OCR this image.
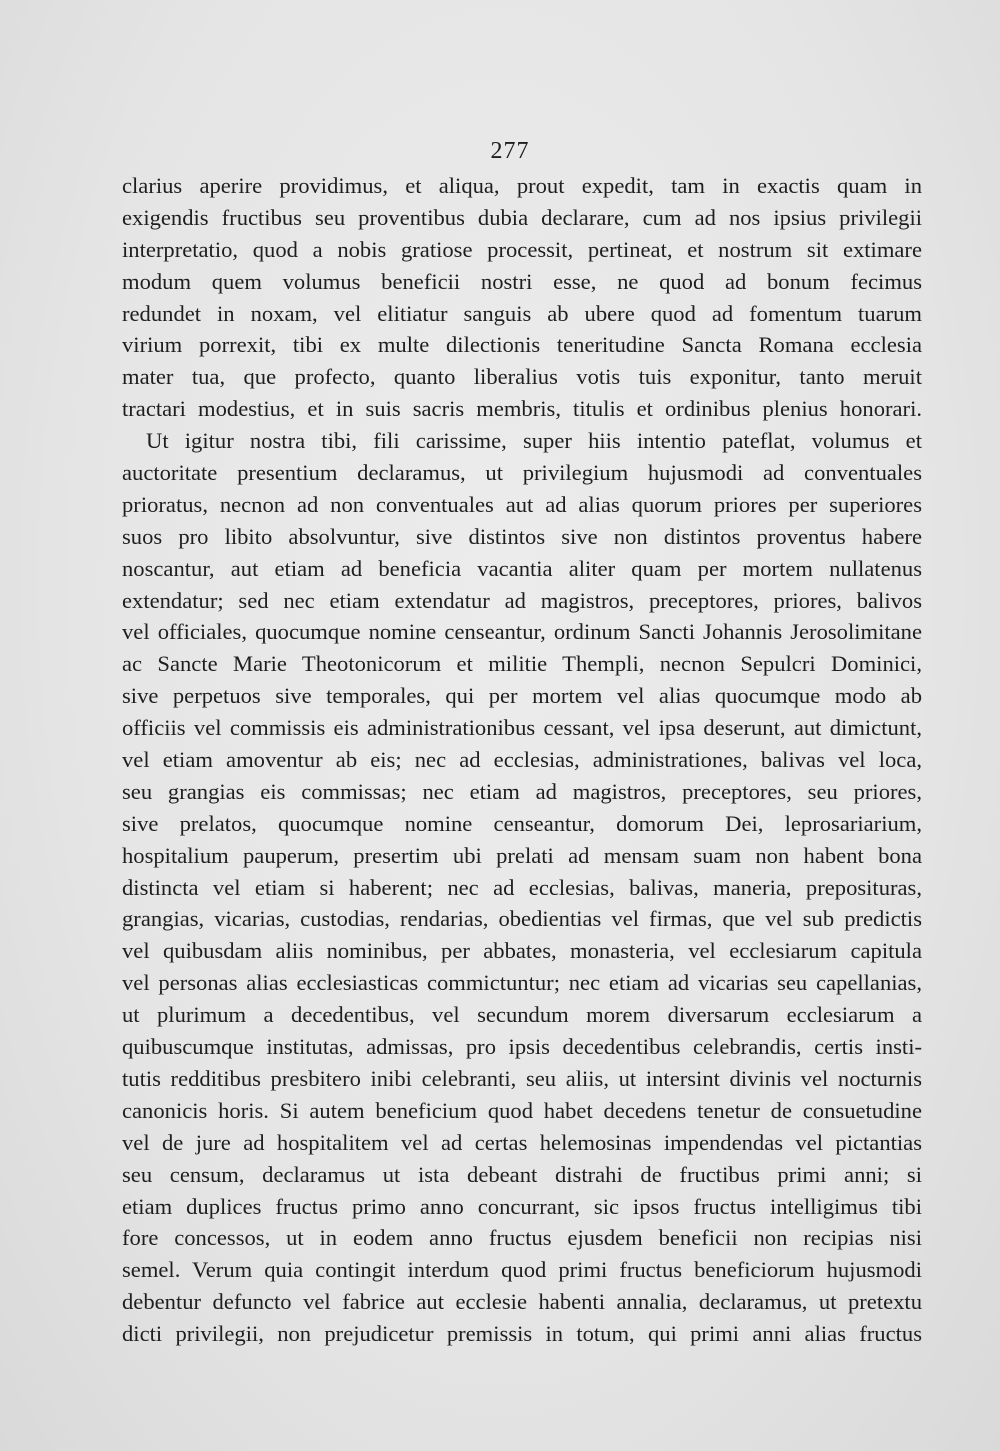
277
clarius aperire providimus, et aliqua, prout expedit, tam in exactis quam in
exigendis fructibus seu proventibus dubia declarare, cum ad nos ipsius privilegii
interpretatio, quod a nobis gratiose processit, pertineat, et nostrum sit extimare
modum quem volumus beneficii nostri esse, ne quod ad bonum fecimus
redundet in noxam, vel elitiatur sanguis ab ubere quod ad fomentum tuarum
virium porrexit, tibi ex multe dilectionis teneritudine Sancta Romana ecclesia
mater tua, que profecto, quanto liberalius votis tuis exponitur, tanto meruit
tractari modestius, et in suis sacris membris, titulis et ordinibus plenius honorari.
Ut igitur nostra tibi, fili carissime, super hiis intentio pateflat, volumus et
auctoritate presentium declaramus, ut privilegium hujusmodi ad conventuales
prioratus, necnon ad non conventuales aut ad alias quorum priores per superiores
suos pro libito absolvuntur, sive distintos sive non distintos proventus habere
noscantur, aut etiam ad beneficia vacantia aliter quam per mortem nullatenus
extendatur; sed nec etiam extendatur ad magistros, preceptores, priores, balivos
vel officiales, quocumque nomine censeantur, ordinum Sancti Johannis Jerosolimitane
ac Sancte Marie Theotonicorum et militie Thempli, necnon Sepulcri Dominici,
sive perpetuos sive temporales, qui per mortem vel alias quocumque modo ab
officiis vel commissis eis administrationibus cessant, vel ipsa deserunt, aut dimictunt,
vel etiam amoventur ab eis; nec ad ecclesias, administrationes, balivas vel loca,
seu grangias eis commissas; nec etiam ad magistros, preceptores, seu priores,
sive prelatos, quocumque nomine censeantur, domorum Dei, leprosariarium,
hospitalium pauperum, presertim ubi prelati ad mensam suam non habent bona
distincta vel etiam si haberent; nec ad ecclesias, balivas, maneria, preposituras,
grangias, vicarias, custodias, rendarias, obedientias vel firmas, que vel sub predictis
vel quibusdam aliis nominibus, per abbates, monasteria, vel ecclesiarum capitula
vel personas alias ecclesiasticas commictuntur; nec etiam ad vicarias seu capellanias,
ut plurimum a decedentibus, vel secundum morem diversarum ecclesiarum a
quibuscumque institutas, admissas, pro ipsis decedentibus celebrandis, certis insti-
tutis redditibus presbitero inibi celebranti, seu aliis, ut intersint divinis vel nocturnis
canonicis horis. Si autem beneficium quod habet decedens tenetur de consuetudine
vel de jure ad hospitalitem vel ad certas helemosinas impendendas vel pictantias
seu censum, declaramus ut ista debeant distrahi de fructibus primi anni; si
etiam duplices fructus primo anno concurrant, sic ipsos fructus intelligimus tibi
fore concessos, ut in eodem anno fructus ejusdem beneficii non recipias nisi
semel. Verum quia contingit interdum quod primi fructus beneficiorum hujusmodi
debentur defuncto vel fabrice aut ecclesie habenti annalia, declaramus, ut pretextu
dicti privilegii, non prejudicetur premissis in totum, qui primi anni alias fructus
